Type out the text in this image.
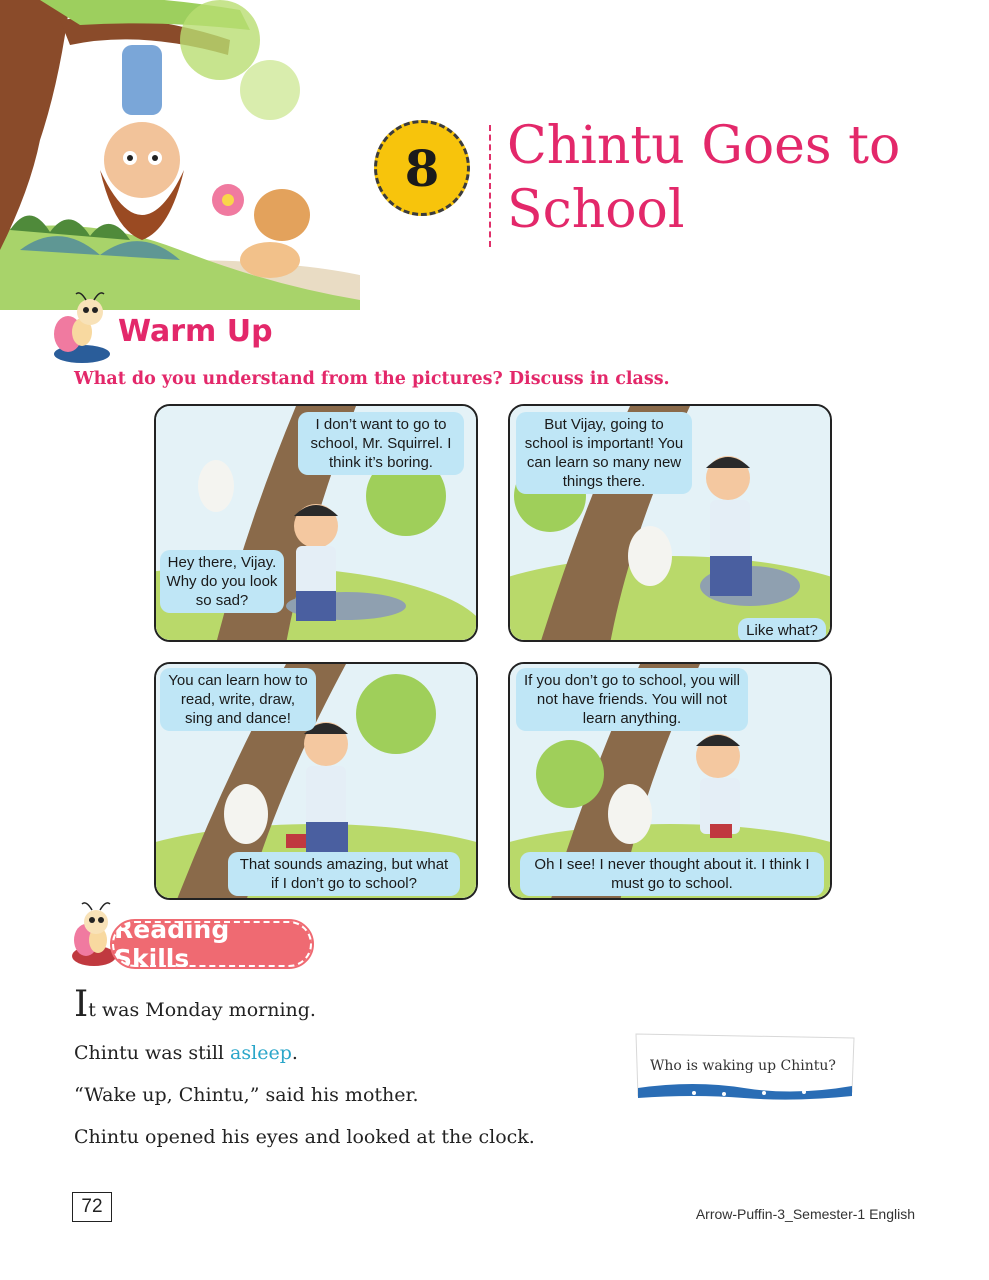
8 Chintu Goes to School
Warm Up
What do you understand from the pictures? Discuss in class.
I don’t want to go to school, Mr. Squirrel. I think it’s boring.
Hey there, Vijay. Why do you look so sad?
But Vijay, going to school is important! You can learn so many new things there.
Like what?
You can learn how to read, write, draw, sing and dance!
That sounds amazing, but what if I don’t go to school?
If you don’t go to school, you will not have friends. You will not learn anything.
Oh I see! I never thought about it. I think I must go to school.
Reading Skills
It was Monday morning.
Chintu was still asleep.
“Wake up, Chintu,” said his mother.
Chintu opened his eyes and looked at the clock.
Who is waking up Chintu?
72	Arrow-Puffin-3_Semester-1 English
